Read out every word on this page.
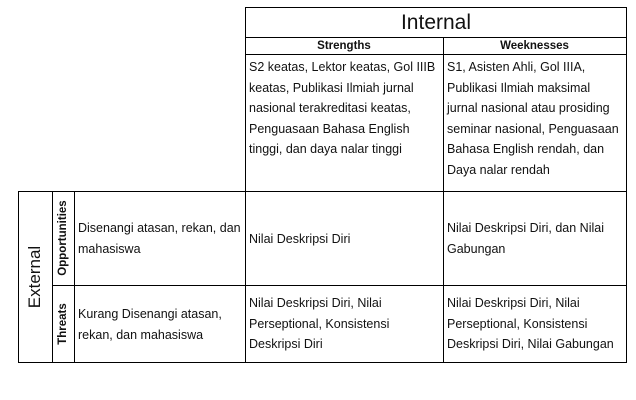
Internal
Strengths	Weeknesses
S2 keatas, Lektor keatas, Gol IIIB keatas, Publikasi Ilmiah jurnal nasional terakreditasi keatas, Penguasaan Bahasa English tinggi, dan daya nalar tinggi
S1, Asisten Ahli, Gol IIIA, Publikasi Ilmiah maksimal jurnal nasional atau prosiding seminar nasional, Penguasaan Bahasa English rendah, dan Daya nalar rendah
External
Opportunities
Threats
Disenangi atasan, rekan, dan mahasiswa
Kurang Disenangi atasan, rekan, dan mahasiswa
Nilai Deskripsi Diri
Nilai Deskripsi Diri, dan Nilai Gabungan
Nilai Deskripsi Diri, Nilai Perseptional, Konsistensi Deskripsi Diri
Nilai Deskripsi Diri, Nilai Perseptional, Konsistensi Deskripsi Diri, Nilai Gabungan
